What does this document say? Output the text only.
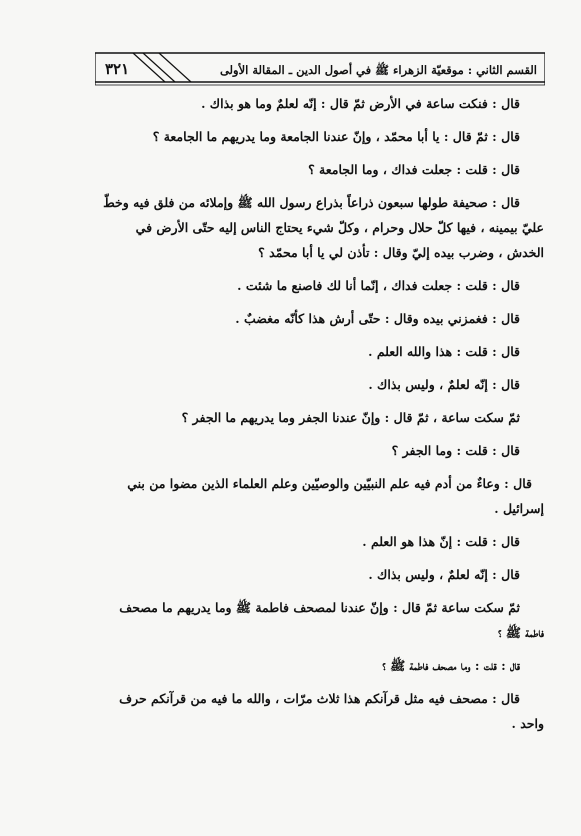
٣٢١	القسم الثاني : موقعيّة الزهراء ﷺ في أصول الدين ـ المقالة الأولى
قال : فنكت ساعة في الأرض ثمّ قال : إنّه لعلمٌ وما هو بذاك .
قال : ثمّ قال : يا أبا محمّد ، وإنّ عندنا الجامعة وما يدريهم ما الجامعة ؟
قال : قلت : جعلت فداك ، وما الجامعة ؟
قال : صحيفة طولها سبعون ذراعاً بذراع رسول الله ﷺ وإملائه من فلق فيه وخطّ
عليّ بيمينه ، فيها كلّ حلال وحرام ، وكلّ شيء يحتاج الناس إليه حتّى الأرض في
الخدش ، وضرب بيده إليّ وقال : تأذن لي يا أبا محمّد ؟
قال : قلت : جعلت فداك ، إنّما أنا لك فاصنع ما شئت .
قال : فغمزني بيده وقال : حتّى أرش هذا كأنّه مغضبٌ .
قال : قلت : هذا والله العلم .
قال : إنّه لعلمٌ ، وليس بذاك .
ثمّ سكت ساعة ، ثمّ قال : وإنّ عندنا الجفر وما يدريهم ما الجفر ؟
قال : قلت : وما الجفر ؟
قال : وعاءٌ من أدم فيه علم النبيّين والوصيّين وعلم العلماء الذين مضوا من بني
إسرائيل .
قال : قلت : إنّ هذا هو العلم .
قال : إنّه لعلمٌ ، وليس بذاك .
ثمّ سكت ساعة ثمّ قال : وإنّ عندنا لمصحف فاطمة ﷺ وما يدريهم ما مصحف
فاطمة ﷺ ؟
قال : قلت : وما مصحف فاطمة ﷺ ؟
قال : مصحف فيه مثل قرآنكم هذا ثلاث مرّات ، والله ما فيه من قرآنكم حرف
واحد .
